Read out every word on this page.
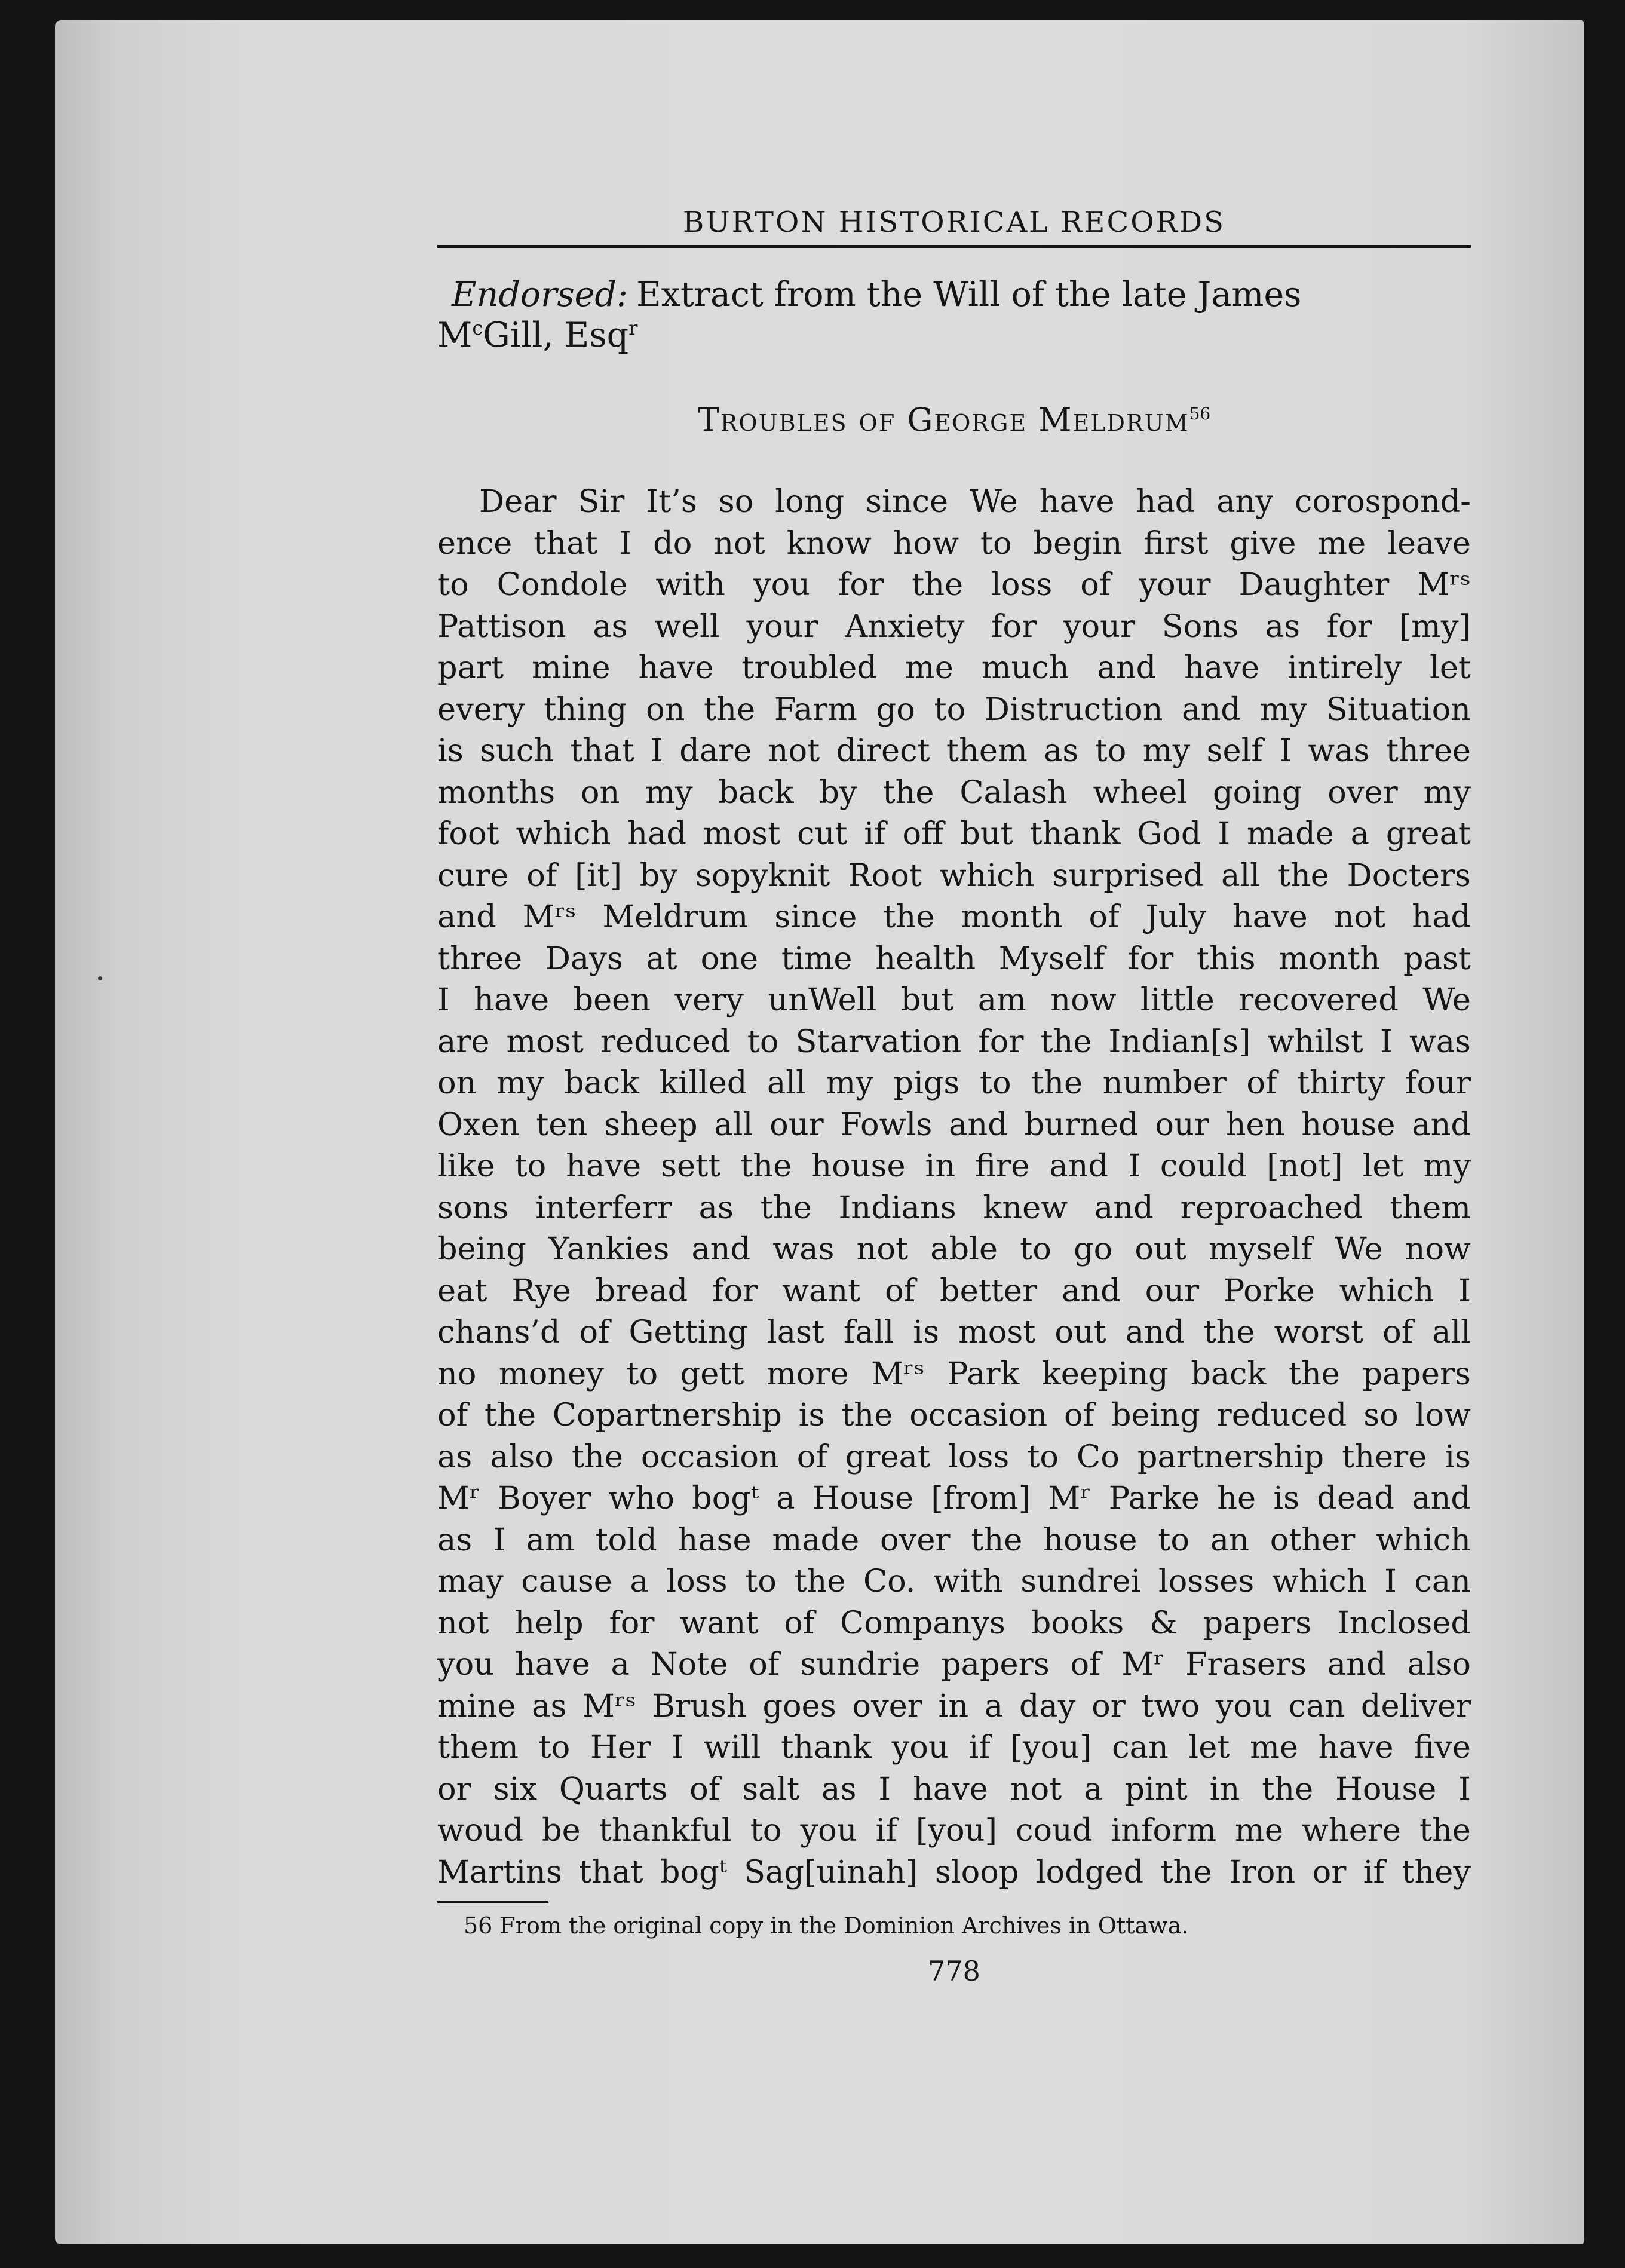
BURTON HISTORICAL RECORDS
Endorsed: Extract from the Will of the late James
$M^cGill$, Esq$^r$
Troubles of George Meldrum$^{56}$
Dear Sir It’s so long since We have had any corospond-
ence that I do not know how to begin first give me leave
to Condole with you for the loss of your Daughter Mʳˢ
Pattison as well your Anxiety for your Sons as for [my]
part mine have troubled me much and have intirely let
every thing on the Farm go to Distruction and my Situation
is such that I dare not direct them as to my self I was three
months on my back by the Calash wheel going over my
foot which had most cut if off but thank God I made a great
cure of [it] by sopyknit Root which surprised all the Docters
and Mʳˢ Meldrum since the month of July have not had
three Days at one time health Myself for this month past
I have been very unWell but am now little recovered We
are most reduced to Starvation for the Indian[s] whilst I was
on my back killed all my pigs to the number of thirty four
Oxen ten sheep all our Fowls and burned our hen house and
like to have sett the house in fire and I could [not] let my
sons interferr as the Indians knew and reproached them
being Yankies and was not able to go out myself We now
eat Rye bread for want of better and our Porke which I
chans’d of Getting last fall is most out and the worst of all
no money to gett more Mʳˢ Park keeping back the papers
of the Copartnership is the occasion of being reduced so low
as also the occasion of great loss to Co partnership there is
Mʳ Boyer who bogᵗ a House [from] Mʳ Parke he is dead and
as I am told hase made over the house to an other which
may cause a loss to the Co. with sundrei losses which I can
not help for want of Companys books & papers Inclosed
you have a Note of sundrie papers of Mʳ Frasers and also
mine as Mʳˢ Brush goes over in a day or two you can deliver
them to Her I will thank you if [you] can let me have five
or six Quarts of salt as I have not a pint in the House I
woud be thankful to you if [you] coud inform me where the
Martins that bogᵗ Sag[uinah] sloop lodged the Iron or if they
56 From the original copy in the Dominion Archives in Ottawa.
778
